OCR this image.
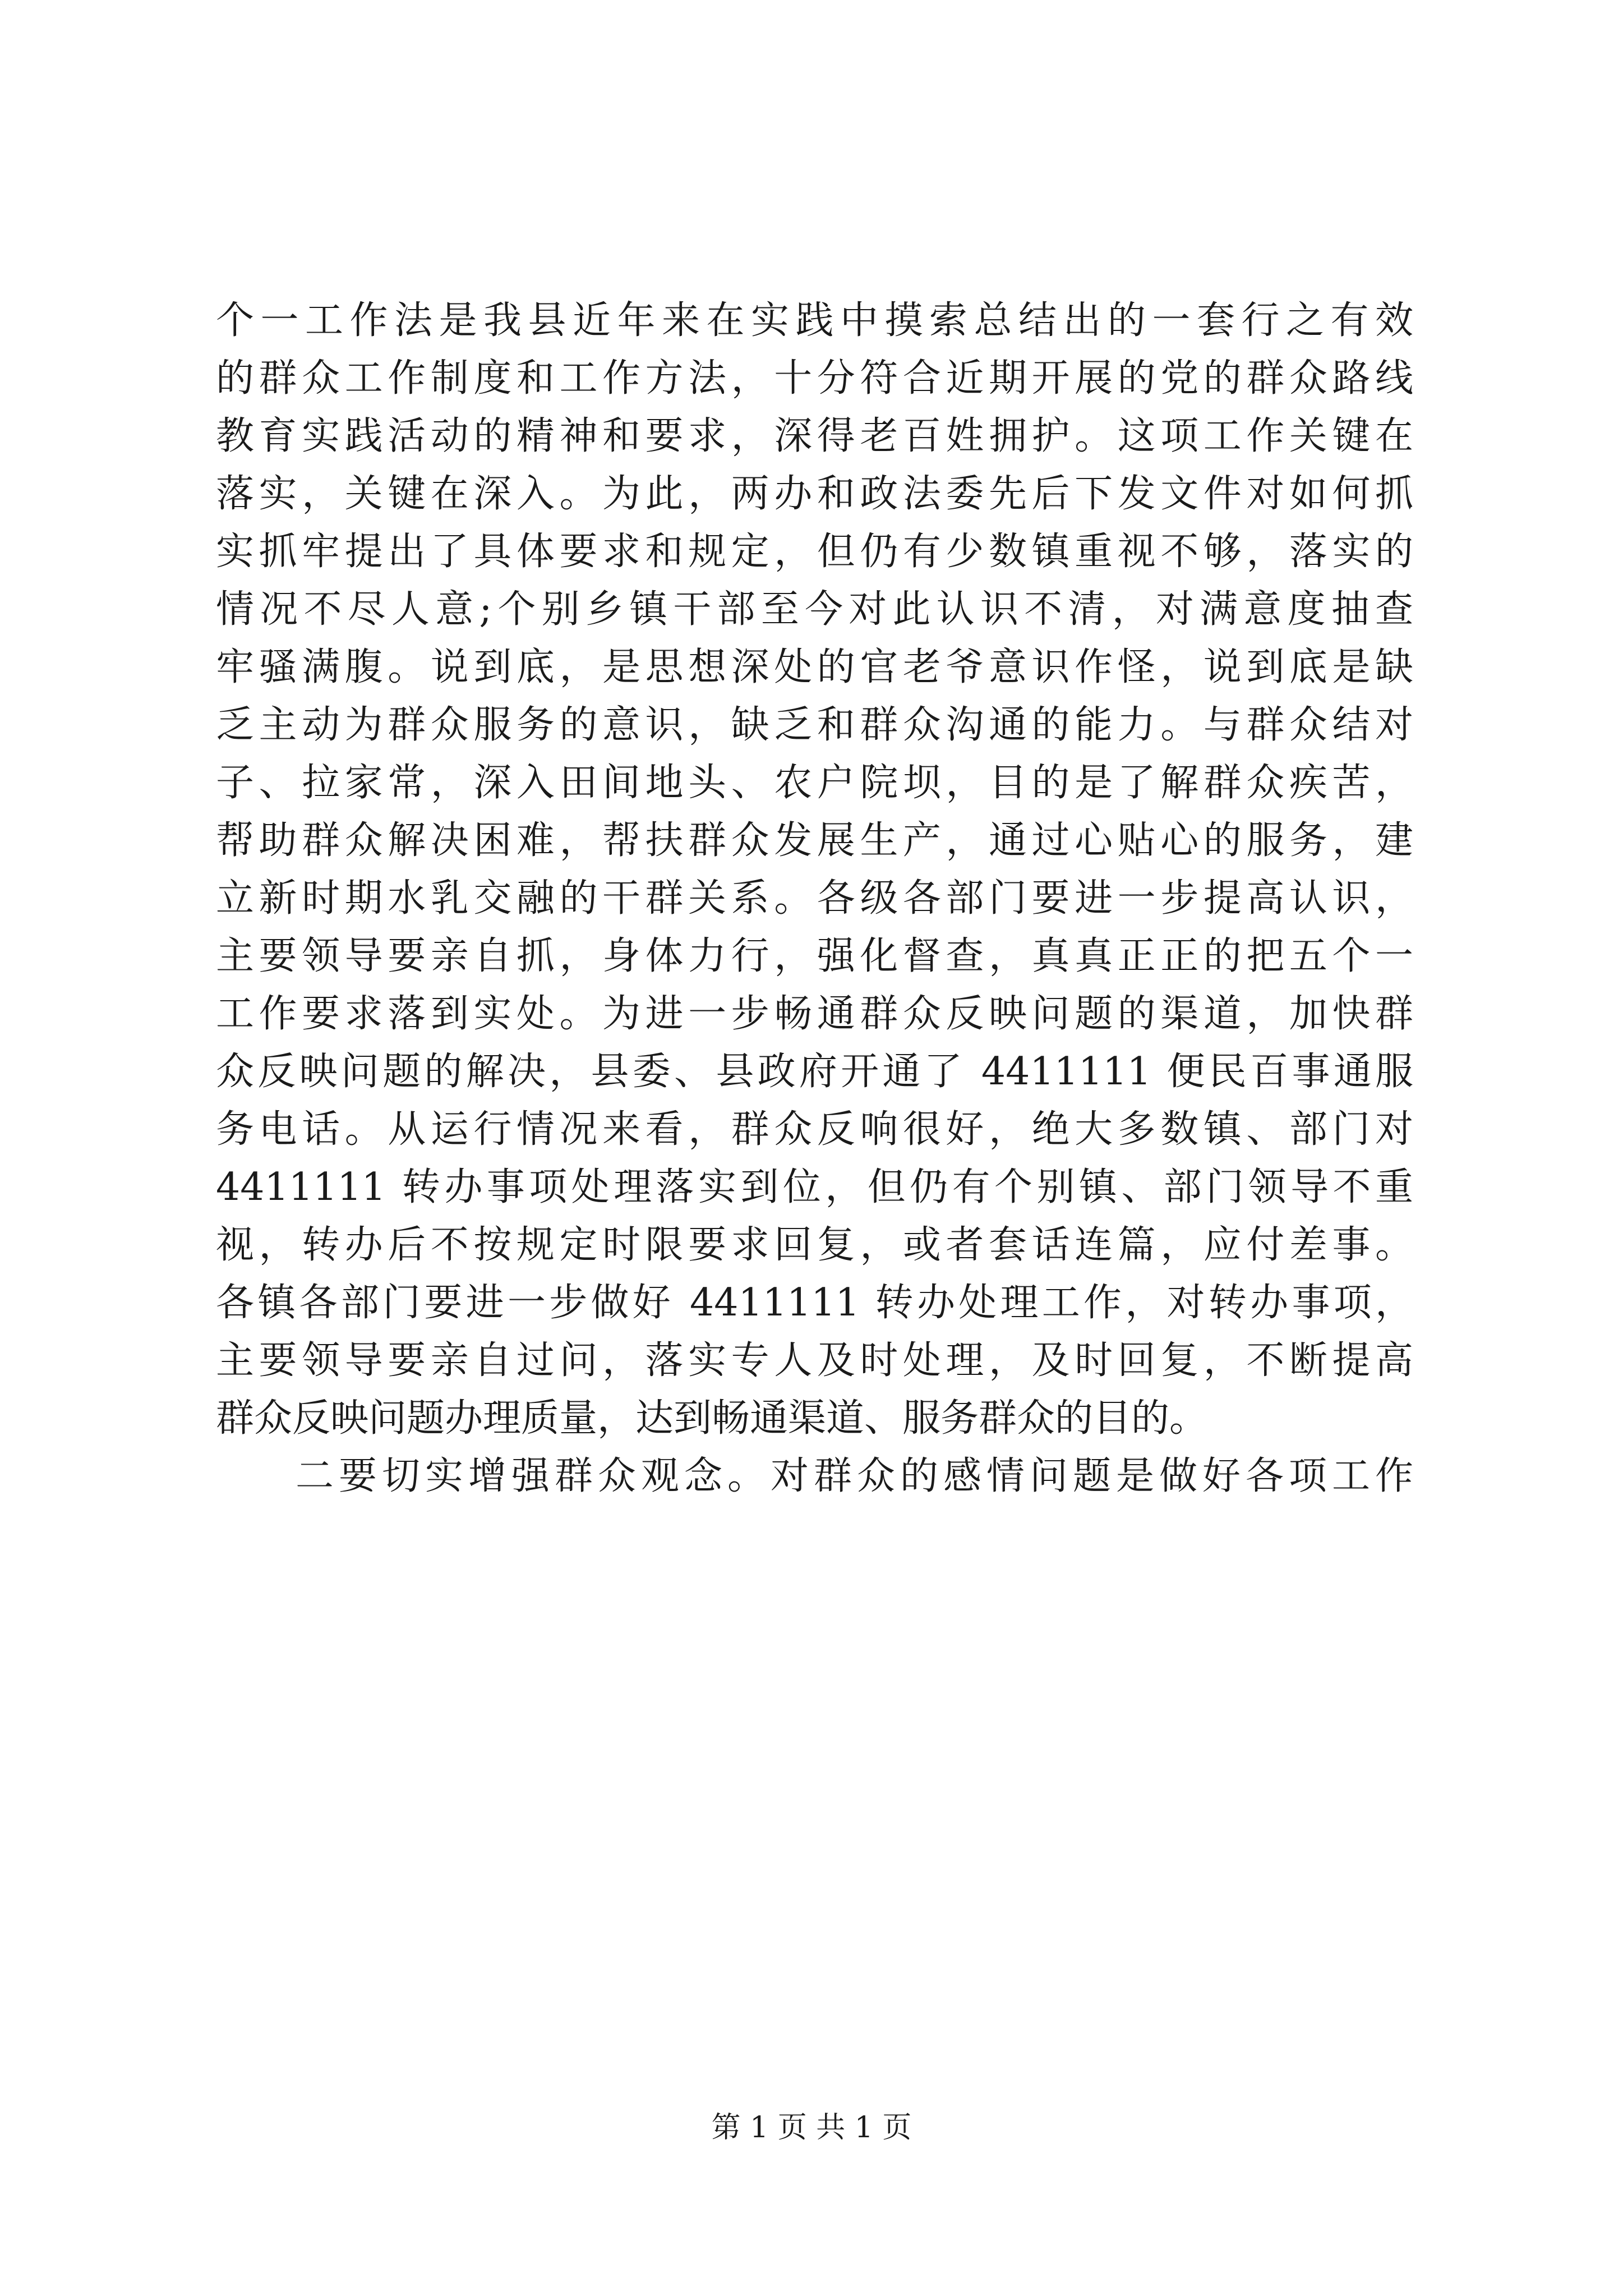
个一工作法是我县近年来在实践中摸索总结出的一套行之有效
的群众工作制度和工作方法，十分符合近期开展的党的群众路线
教育实践活动的精神和要求，深得老百姓拥护。这项工作关键在
落实，关键在深入。为此，两办和政法委先后下发文件对如何抓
实抓牢提出了具体要求和规定，但仍有少数镇重视不够，落实的
情况不尽人意;个别乡镇干部至今对此认识不清，对满意度抽查
牢骚满腹。说到底，是思想深处的官老爷意识作怪，说到底是缺
乏主动为群众服务的意识，缺乏和群众沟通的能力。与群众结对
子、拉家常，深入田间地头、农户院坝，目的是了解群众疾苦，
帮助群众解决困难，帮扶群众发展生产，通过心贴心的服务，建
立新时期水乳交融的干群关系。各级各部门要进一步提高认识，
主要领导要亲自抓，身体力行，强化督查，真真正正的把五个一
工作要求落到实处。为进一步畅通群众反映问题的渠道，加快群
众反映问题的解决，县委、县政府开通了 4411111 便民百事通服
务电话。从运行情况来看，群众反响很好，绝大多数镇、部门对
4411111 转办事项处理落实到位，但仍有个别镇、部门领导不重
视，转办后不按规定时限要求回复，或者套话连篇，应付差事。
各镇各部门要进一步做好 4411111 转办处理工作，对转办事项，
主要领导要亲自过问，落实专人及时处理，及时回复，不断提高
群众反映问题办理质量，达到畅通渠道、服务群众的目的。
二要切实增强群众观念。对群众的感情问题是做好各项工作
第 1 页 共 1 页
